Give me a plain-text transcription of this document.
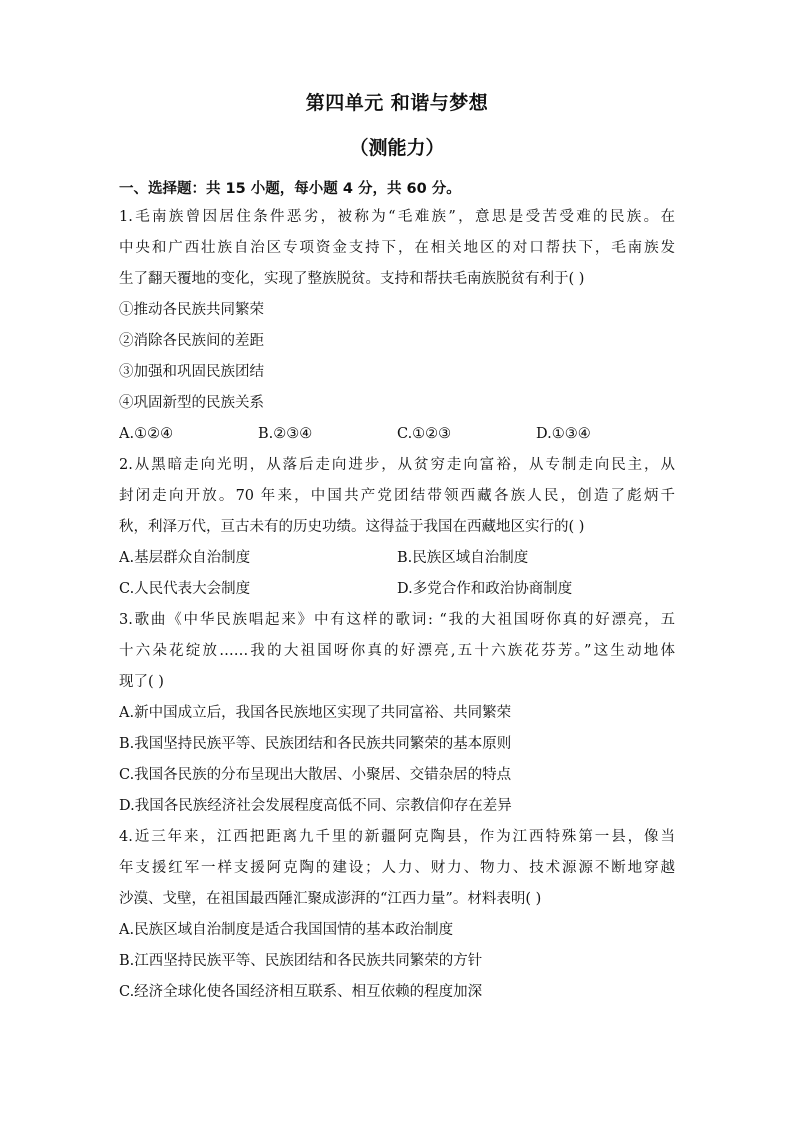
第四单元 和谐与梦想
（测能力）
一、选择题：共 15 小题，每小题 4 分，共 60 分。
1.毛南族曾因居住条件恶劣，被称为“毛难族”，意思是受苦受难的民族。在
中央和广西壮族自治区专项资金支持下，在相关地区的对口帮扶下，毛南族发
生了翻天覆地的变化，实现了整族脱贫。支持和帮扶毛南族脱贫有利于( )
①推动各民族共同繁荣
②消除各民族间的差距
③加强和巩固民族团结
④巩固新型的民族关系
A.①②④	B.②③④	C.①②③	D.①③④
2.从黑暗走向光明，从落后走向进步，从贫穷走向富裕，从专制走向民主，从
封闭走向开放。70 年来，中国共产党团结带领西藏各族人民，创造了彪炳千
秋，利泽万代，亘古未有的历史功绩。这得益于我国在西藏地区实行的( )
A.基层群众自治制度	B.民族区域自治制度
C.人民代表大会制度	D.多党合作和政治协商制度
3.歌曲《中华民族唱起来》中有这样的歌词: “我的大祖国呀你真的好漂亮，五
十六朵花绽放……我的大祖国呀你真的好漂亮,五十六族花芬芳。”这生动地体
现了( )
A.新中国成立后，我国各民族地区实现了共同富裕、共同繁荣
B.我国坚持民族平等、民族团结和各民族共同繁荣的基本原则
C.我国各民族的分布呈现出大散居、小聚居、交错杂居的特点
D.我国各民族经济社会发展程度高低不同、宗教信仰存在差异
4.近三年来，江西把距离九千里的新疆阿克陶县，作为江西特殊第一县，像当
年支援红军一样支援阿克陶的建设；人力、财力、物力、技术源源不断地穿越
沙漠、戈壁，在祖国最西陲汇聚成澎湃的“江西力量”。材料表明( )
A.民族区域自治制度是适合我国国情的基本政治制度
B.江西坚持民族平等、民族团结和各民族共同繁荣的方针
C.经济全球化使各国经济相互联系、相互依赖的程度加深
